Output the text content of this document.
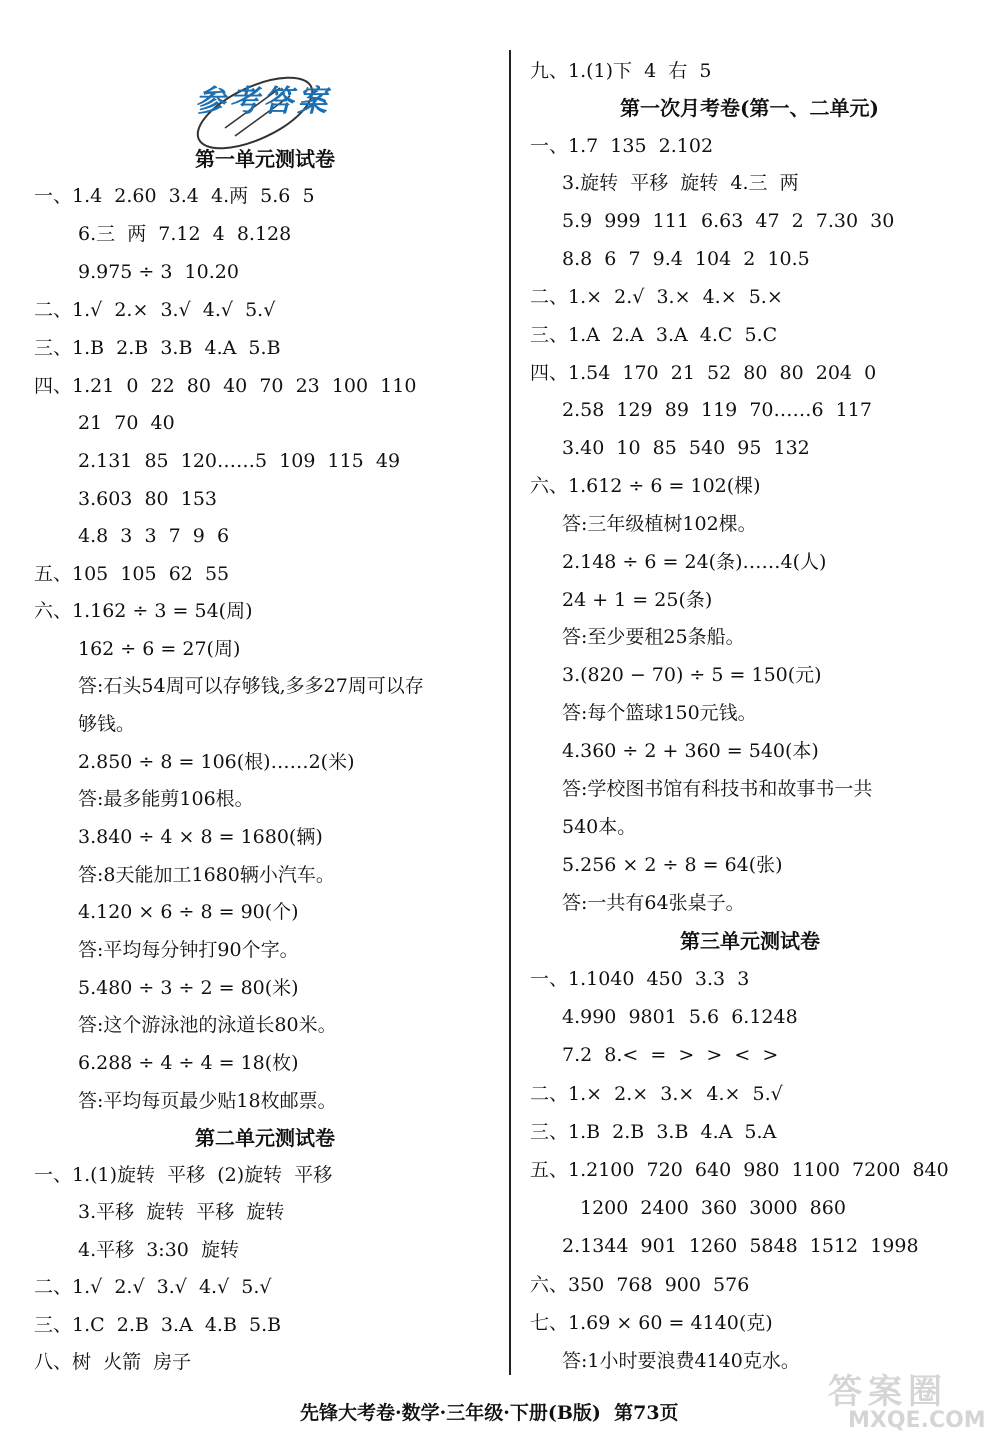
参考答案
第一单元测试卷
一、1.4  2.60  3.4  4.两  5.6  5
6.三  两  7.12  4  8.128
9.975 ÷ 3  10.20
二、1.√  2.×  3.√  4.√  5.√
三、1.B  2.B  3.B  4.A  5.B
四、1.21  0  22  80  40  70  23  100  110
21  70  40
2.131  85  120……5  109  115  49
3.603  80  153
4.8  3  3  7  9  6
五、105  105  62  55
六、1.162 ÷ 3 = 54(周)
162 ÷ 6 = 27(周)
答:石头54周可以存够钱,多多27周可以存
够钱。
2.850 ÷ 8 = 106(根)……2(米)
答:最多能剪106根。
3.840 ÷ 4 × 8 = 1680(辆)
答:8天能加工1680辆小汽车。
4.120 × 6 ÷ 8 = 90(个)
答:平均每分钟打90个字。
5.480 ÷ 3 ÷ 2 = 80(米)
答:这个游泳池的泳道长80米。
6.288 ÷ 4 ÷ 4 = 18(枚)
答:平均每页最少贴18枚邮票。
第二单元测试卷
一、1.(1)旋转  平移  (2)旋转  平移
3.平移  旋转  平移  旋转
4.平移  3:30  旋转
二、1.√  2.√  3.√  4.√  5.√
三、1.C  2.B  3.A  4.B  5.B
八、树  火箭  房子
九、1.(1)下  4  右  5
第一次月考卷(第一、二单元)
一、1.7  135  2.102
3.旋转  平移  旋转  4.三  两
5.9  999  111  6.63  47  2  7.30  30
8.8  6  7  9.4  104  2  10.5
二、1.×  2.√  3.×  4.×  5.×
三、1.A  2.A  3.A  4.C  5.C
四、1.54  170  21  52  80  80  204  0
2.58  129  89  119  70……6  117
3.40  10  85  540  95  132
六、1.612 ÷ 6 = 102(棵)
答:三年级植树102棵。
2.148 ÷ 6 = 24(条)……4(人)
24 + 1 = 25(条)
答:至少要租25条船。
3.(820 − 70) ÷ 5 = 150(元)
答:每个篮球150元钱。
4.360 ÷ 2 + 360 = 540(本)
答:学校图书馆有科技书和故事书一共
540本。
5.256 × 2 ÷ 8 = 64(张)
答:一共有64张桌子。
第三单元测试卷
一、1.1040  450  3.3  3
4.990  9801  5.6  6.1248
7.2  8.<  =  >  >  <  >
二、1.×  2.×  3.×  4.×  5.√
三、1.B  2.B  3.B  4.A  5.A
五、1.2100  720  640  980  1100  7200  840
1200  2400  360  3000  860
2.1344  901  1260  5848  1512  1998
六、350  768  900  576
七、1.69 × 60 = 4140(克)
答:1小时要浪费4140克水。
先锋大考卷·数学·三年级·下册(B版)  第73页
答案圈
MXQE.COM
